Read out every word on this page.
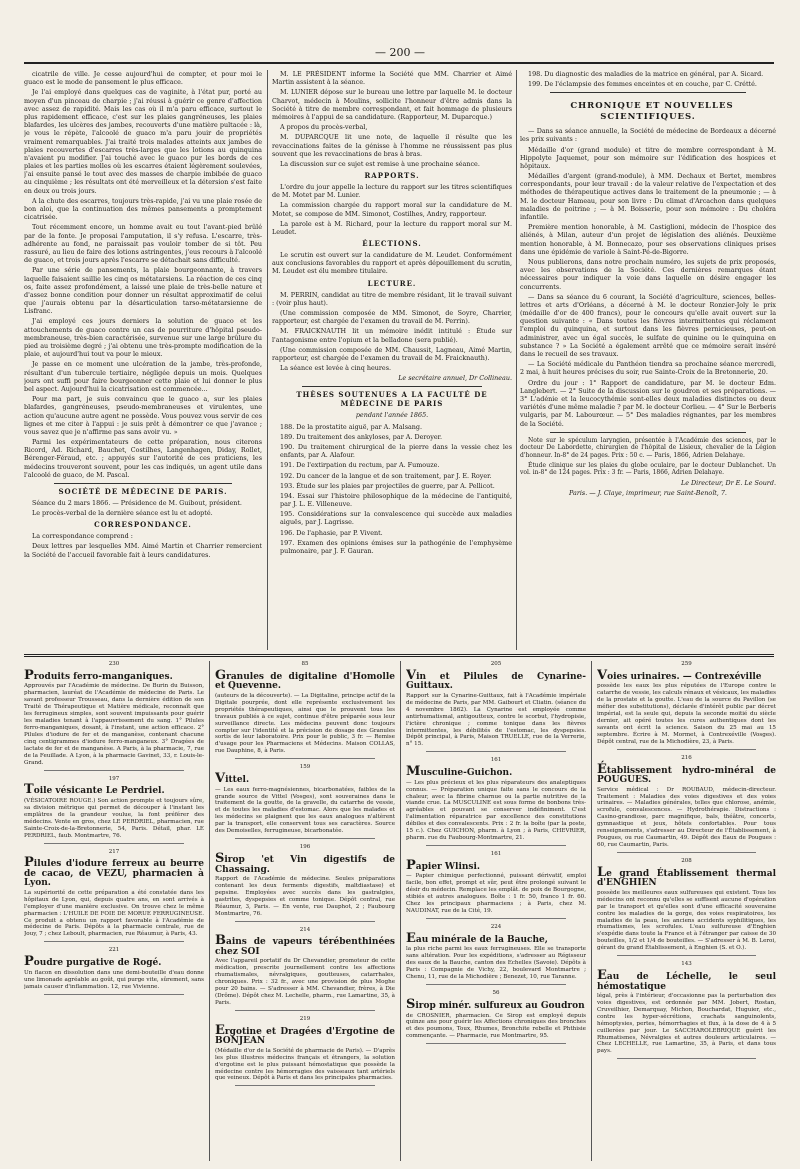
— 200 —

cicatrile de ville. Je cesse aujourd'hui de compter, et pour moi le guaco est le mode de pansement le plus efficace.

Je l'ai employé dans quelques cas de vaginite, à l'état pur, porté au moyen d'un pinceau de charpie ; j'ai réussi à guérir ce genre d'affection avec assez de rapidité. Mais les cas où il m'a paru efficace, surtout le plus rapidement efficace, c'est sur les plaies gangréneuses, les plaies blafardes, les ulcères des jambes, recouverts d'une matière pultacée : là, je vous le répète, l'alcoolé de guaco m'a paru jouir de propriétés vraiment remarquables. J'ai traité trois malades atteints aux jambes de plaies recouvertes d'escarres très-larges que les lotions au quinquina n'avaient pu modifier. J'ai touché avec le guaco pur les bords de ces plaies et les parties molles où les escarres étaient légèrement soulevées, j'ai ensuite pansé le tout avec des masses de charpie imbibée de guaco au cinquième ; les résultats ont été merveilleux et la détersion s'est faite en deux ou trois jours.

A la chute des escarres, toujours très-rapide, j'ai vu une plaie rosée de bon aloi, que la continuation des mêmes pansements a promptement cicatrisée.

Tout récemment encore, un homme avait eu tout l'avant-pied brûlé par de la fonte. Je proposai l'amputation, il s'y refusa. L'escarre, très-adhérente au fond, ne paraissait pas vouloir tomber de si tôt. Peu rassuré, au lieu de faire des lotions astringentes, j'eus recours à l'alcoolé de guaco, et trois jours après l'escarre se détachait sans difficulté.

Par une série de pansements, la plaie bourgeonnante, à travers laquelle faisaient saillie les cinq os métatarsiens. La réaction de ces cinq os, faite assez profondément, a laissé une plaie de très-belle nature et d'assez bonne condition pour donner un résultat approximatif de celui que j'aurais obtenu par la désarticulation tarso-métatarsienne de Lisfranc.

J'ai employé ces jours derniers la solution de guaco et les attouchements de guaco contre un cas de pourriture d'hôpital pseudo-membraneuse, très-bien caractérisée, survenue sur une large brûlure du pied au troisième degré ; j'ai obtenu une très-prompte modification de la plaie, et aujourd'hui tout va pour le mieux.

Je passe en ce moment une ulcération de la jambe, très-profonde, résultant d'un tubercule tertiaire, négligée depuis un mois. Quelques jours ont suffi pour faire bourgeonner cette plaie et lui donner le plus bel aspect. Aujourd'hui la cicatrisation est commencée...

Pour ma part, je suis convaincu que le guaco a, sur les plaies blafardes, gangréneuses, pseudo-membraneuses et virulentes, une action qu'aucune autre agent ne possède. Vous pouvez vous servir de ces lignes et me citer à l'appui : je suis prêt à démontrer ce que j'avance ; vous savez que je n'affirme pas sans avoir vu. »

Parmi les expérimentateurs de cette préparation, nous citerons Ricord, Ad. Richard, Bauchet, Costilhes, Langenhagen, Diday, Rollet, Bérenger-Féraud, etc. ; appuyés sur l'autorité de ces praticiens, les médecins trouveront souvent, pour les cas indiqués, un agent utile dans l'alcoolé de guaco, de M. Pascal.

SOCIÉTÉ DE MÉDECINE DE PARIS.

Séance du 2 mars 1866. — Présidence de M. Guibout, président.

Le procès-verbal de la dernière séance est lu et adopté.

CORRESPONDANCE.

La correspondance comprend :

Deux lettres par lesquelles MM. Aimé Martin et Charrier remercient la Société de l'accueil favorable fait à leurs candidatures.

M. LE PRÉSIDENT informe la Société que MM. Charrier et Aimé Martin assistent à la séance.

M. LUNIER dépose sur le bureau une lettre par laquelle M. le docteur Charvot, médecin à Moulins, sollicite l'honneur d'être admis dans la Société à titre de membre correspondant, et fait hommage de plusieurs mémoires à l'appui de sa candidature. (Rapporteur, M. Duparcque.)

A propos du procès-verbal,

M. DUPARCQUE lit une note, de laquelle il résulte que les revaccinations faites de la génisse à l'homme ne réussissent pas plus souvent que les revaccinations de bras à bras.

La discussion sur ce sujet est remise à une prochaine séance.

RAPPORTS.

L'ordre du jour appelle la lecture du rapport sur les titres scientifiques de M. Motet par M. Lunier.

La commission chargée du rapport moral sur la candidature de M. Motet, se compose de MM. Simonot, Costilhes, Andry, rapporteur.

La parole est à M. Richard, pour la lecture du rapport moral sur M. Leudet.

ÉLECTIONS.

Le scrutin est ouvert sur la candidature de M. Leudet. Conformément aux conclusions favorables du rapport et après dépouillement du scrutin, M. Leudet est élu membre titulaire.

LECTURE.

M. PERRIN, candidat au titre de membre résidant, lit le travail suivant : (voir plus haut).

(Une commission composée de MM. Simonot, de Soyre, Charrier, rapporteur, est chargée de l'examen du travail de M. Perrin).

M. FRAICKNAUTH lit un mémoire inédit intitulé : Étude sur l'antagonisme entre l'opium et la belladone (sera publié).

(Une commission composée de MM. Chaussit, Lagneau, Aimé Martin, rapporteur, est chargée de l'examen du travail de M. Fraicknauth).

La séance est levée à cinq heures.

Le secrétaire annuel, Dr Collineau.

THÈSES SOUTENUES A LA FACULTÉ DE MÉDECINE DE PARIS

pendant l'année 1865.

188. De la prostatite aiguë, par A. Malsang.

189. Du traitement des ankyloses, par A. Deroyer.

190. Du traitement chirurgical de la pierre dans la vessie chez les enfants, par A. Alafour.

191. De l'extirpation du rectum, par A. Fumouze.

192. Du cancer de la langue et de son traitement, par J. E. Royer.

193. Étude sur les plaies par projectiles de guerre, par A. Pellicot.

194. Essai sur l'histoire philosophique de la médecine de l'antiquité, par J. L. E. Villeneuve.

195. Considérations sur la convalescence qui succède aux maladies aiguës, par J. Lagrisse.

196. De l'aphasie, par P. Vivent.

197. Examen des opinions émises sur la pathogénie de l'emphysème pulmonaire, par J. F. Gauran.

198. Du diagnostic des maladies de la matrice en général, par A. Sicard.

199. De l'éclampsie des femmes enceintes et en couche, par C. Crétté.

CHRONIQUE ET NOUVELLES SCIENTIFIQUES.

— Dans sa séance annuelle, la Société de médecine de Bordeaux a décerné les prix suivants :

Médaille d'or (grand module) et titre de membre correspondant à M. Hippolyte Jaquemet, pour son mémoire sur l'édification des hospices et hôpitaux.

Médailles d'argent (grand-module), à MM. Dechaux et Bertet, membres correspondants, pour leur travail : de la valeur relative de l'expectation et des méthodes de thérapeutique actives dans le traitement de la pneumonie ; — à M. le docteur Hameau, pour son livre : Du climat d'Arcachon dans quelques maladies de poitrine ; — à M. Boisserie, pour son mémoire : Du choléra infantile.

Première mention honorable, à M. Castiglioni, médecin de l'hospice des aliénés, à Milan, auteur d'un projet de législation des aliénés. Deuxième mention honorable, à M. Bonnecazo, pour ses observations cliniques prises dans une épidémie de variole à Saint-Pé-de-Bigorre.

Nous publierons, dans notre prochain numéro, les sujets de prix proposés, avec les observations de la Société. Ces dernières remarques étant nécessaires pour indiquer la voie dans laquelle on désire engager les concurrents.

— Dans sa séance du 6 courant, la Société d'agriculture, sciences, belles-lettres et arts d'Orléans, a décerné à M. le docteur Ronzier-Joly le prix (médaille d'or de 400 francs), pour le concours qu'elle avait ouvert sur la question suivante : « Dans toutes les fièvres intermittentes qui réclament l'emploi du quinquina, et surtout dans les fièvres pernicieuses, peut-on administrer, avec un égal succès, le sulfate de quinine ou le quinquina en substance ? » La Société a également arrêté que ce mémoire serait inséré dans le recueil de ses travaux.

— La Société médicale du Panthéon tiendra sa prochaine séance mercredi, 2 mai, à huit heures précises du soir, rue Sainte-Croix de la Bretonnerie, 20.

Ordre du jour : 1° Rapport de candidature, par M. le docteur Edm. Langlebert. — 2° Suite de la discussion sur le goudron et ses préparations. — 3° L'adénie et la leucocythémie sont-elles deux maladies distinctes ou deux variétés d'une même maladie ? par M. le docteur Corlieu. — 4° Sur le Berberis vulgaris, par M. Labourœur. — 5° Des maladies régnantes, par les membres de la Société.

Note sur le spéculum laryngien, présentée à l'Académie des sciences, par le docteur De Labordette, chirurgien de l'hôpital de Lisieux, chevalier de la Légion d'honneur. In-8° de 24 pages. Prix : 50 c. — Paris, 1866, Adrien Delahaye.

Étude clinique sur les plaies du globe oculaire, par le docteur Dublanchet. Un vol. in-8° de 124 pages. Prix : 3 fr. — Paris, 1866, Adrien Delahaye.

Le Directeur, Dr E. Le Sourd.

Paris. — J. Claye, imprimeur, rue Saint-Benoît, 7.

230
Produits ferro-manganiques.

Approuvés par l'Académie de médecine. De Burin du Buisson, pharmacien, lauréat de l'Académie de médecine de Paris. Le savant professeur Trousseau, dans la dernière édition de son Traité de Thérapeutique et Matière médicale, reconnaît que les ferrugineux simples, sont souvent impuissants pour guérir les maladies tenant à l'appauvrissement du sang. 1° Pilules ferro-manganiques, dosant, à l'instant, une action efficace. 2° Pilules d'iodure de fer et de manganèse, contenant chacune cinq centigrammes d'iodure ferro-manganeux. 3° Dragées de lactate de fer et de manganèse. A Paris, à la pharmacie, 7, rue de la Feuillade. A Lyon, à la pharmacie Gavinet, 33, r. Louis-le-Grand.

197
Toile vésicante Le Perdriel.

(VÉSICATOIRE ROUGE.) Son action prompte et toujours sûre, sa division métrique qui permet de découper à l'instant les emplâtres de la grandeur voulue, la font préférer des médecins. Vente en gros, chez LE PERDRIEL, pharmacien, rue Sainte-Croix-de-la-Bretonnerie, 54, Paris. Détail, phar. LE PERDRIEL, faub. Montmartre, 76.

217
Pilules d'iodure ferreux au beurre de cacao, de VEZU, pharmacien à Lyon.

La supériorité de cette préparation a été constatée dans les hôpitaux de Lyon, qui, depuis quatre ans, en sont arrivés à l'employer d'une manière exclusive. On trouve chez le même pharmacien : L'HUILE DE FOIE DE MORUE FERRUGINEUSE. Ce produit a obtenu un rapport favorable à l'Académie de médecine de Paris. Dépôts à la pharmacie centrale, rue de Jouy, 7 ; chez Leboult, pharmacien, rue Réaumur, à Paris, 43.

221
Poudre purgative de Rogé.

Un flacon en dissolution dans une demi-bouteille d'eau donne une limonade agréable au goût, qui purge vite, sûrement, sans jamais causer d'inflammation. 12, rue Vivienne.

85
Granules de digitaline d'Homolle et Quevenne.

(auteurs de la découverte). — La Digitaline, principe actif de la Digitale pourprée, dont elle représente exclusivement les propriétés thérapeutiques, ainsi que le prouvent tous les travaux publiés à ce sujet, continue d'être préparée sous leur surveillance directe. Les médecins peuvent donc toujours compter sur l'identité et la précision de dosage des Granules sortis de leur laboratoire. Prix pour le public, 3 fr. — Remise d'usage pour les Pharmaciens et Médecins. Maison COLLAS, rue Dauphine, 8, à Paris.

159
Vittel.

— Les eaux ferro-magnésiennes, bicarbonatées, faibles de la grande source de Vittel (Vosges), sont souveraines dans le traitement de la goutte, de la gravelle, du catarrhe de vessie, et de toutes les maladies d'estomac. Alors que les malades et les médecins se plaignent que les eaux analogues n'altèrent par la transport, elle conservent tous ses caractères. Source des Demoiselles, ferrugineuse, bicarbonatée.

196
Sirop 'et Vin digestifs de Chassaing.

Rapport de l'Académie de médecine. Seules préparations contenant les deux ferments digestifs, maltdiastase) et pepsine. Employées avec succès dans les gastralgies, gastrites, dyspepsies et comme tonique. Dépôt central, rue Réaumur, 3, Paris. — En vente, rue Dauphot, 2 ; Faubourg Montmartre, 76.

214
Bains de vapeurs térébenthinées chez SOI

Avec l'appareil portatif du Dr Chevandier, promoteur de cette médication, prescrite journellement contre les affections rhumatismales, névralgiques, goutteuses, catarrhales, chroniques. Prix : 32 fr., avec une provision de plus Moghe pour 20 bains. — S'adresser à MM. Chevandier, frères, à Die (Drôme). Dépôt chez M. Lechelle, pharm., rue Lamartine, 35, à Paris.

219
Ergotine et Dragées d'Ergotine de BONJEAN

(Médaille d'or de la Société de pharmacie de Paris). — D'après les plus illustres médecins français et étrangers, la solution d'ergotine est le plus puissant hémostatique que possède la médecine contre les hémorragies des vaisseaux tant artériels que veineux. Dépôt à Paris et dans les principales pharmacies.

205
Vin et Pilules de Cynarine-Guittaux.

Rapport sur la Cynarine-Guittaux, fait à l'Académie impériale de médecine de Paris, par MM. Gaibourt et Cliatin. (séance du 4 novembre 1862). La Cynarine est employée comme antirhumatismal, antigoutteux, contre le scorbut, l'hydropisie, l'ictère chronique ; comme tonique dans les fièvres intermittentes, les débilités de l'estomac, les dyspepsies. Dépôt principal, à Paris, Maison TRUELLE, rue de la Verrerie, n° 15.

161
Musculine-Guichon.

— Les plus précieux et les plus réparateurs des analeptiques connus. — Préparation unique faite sans le concours de la chaleur, avec la fibrine charnue ou la partie nutritive de la viande crue. La MUSCULINE est sous forme de bonbons très-agréables et pouvant se conserver indéfiniment. C'est l'alimentation réparatrice par excellence des constitutions débiles et des convalescents. Prix : 2 fr. la boîte (par la poste, 15 c.). Chez GUICHON, pharm. à Lyon ; à Paris, CHEVRIER, pharm. rue du Faubourg-Montmartre, 21.

161
Papier Wlinsi.

— Papier chimique perfectionné, puissant dérivatif, emploi facile, bon effet, prompt et sûr, peut être prolongé suivant le désir du médecin. Remplace les emplât. de poix de Bourgogne, stibiés et autres analogues. Boîte : 1 fr. 50, franco 1 fr. 60. Chez les principaux pharmaciens ; à Paris, chez M. NAUDINAT, rue de la Cité, 19.

224
Eau minérale de la Bauche,

la plus riche parmi les eaux ferrugineuses. Elle se transporte sans altération. Pour les expéditions, s'adresser au Régisseur des eaux de la Bauche, canton des Echelles (Savoie). Dépôts à Paris : Compagnie de Vichy, 22, boulevard Montmartre ; Chenu, 11, rue de la Michodière ; Benezet, 10, rue Taranne.

56
Sirop minér. sulfureux au Goudron

de CROSNIER, pharmacien. Ce Sirop est employé depuis quinze ans pour guérir les Affections chroniques des bronches et des poumons, Toux, Rhumes, Bronchite rebelle et Phthisie commençante. — Pharmacie, rue Montmartre, 95.

259
Voies urinaires. — Contrexéville

possède les eaux les plus réputées de l'Europe contre le catarrhe de vessie, les calculs rénaux et vésicaux, les maladies de la prostate et la goutte. L'eau de la source du Pavillon (se méfier des substitutions), déclarée d'intérêt public par décret impérial, est la seule qui, depuis la seconde moitié du siècle dernier, ait opéré toutes les cures authentiques dont les savants ont écrit la science. Saison du 25 mai au 15 septembre. Écrire à M. Mormet, à Contrexéville (Vosges). Dépôt central, rue de la Michodière, 23, à Paris.

216
Établissement hydro-minéral de POUGUES.

Service médical : Dr ROUBAUD, médecin-directeur. Traitement : Maladies des voies digestives et des voies urinaires. — Maladies générales, telles que chlorose, anémie, scrofule, convalescences. — Hydrothérapie. Distractions : Casino-grandiose, parc magnifique, bals, théâtre, concerts, gymnastique et jeux, hôtels confortables. Pour tous renseignements, s'adresser au Directeur de l'Établissement, à Pougues, ou rue Caumartin, 49. Dépôt des Eaux de Pougues : 60, rue Caumartin, Paris.

208
Le grand Établissement thermal d'ENGHIEN

possède les meilleures eaux sulfureuses qui existent. Tous les médecins ont reconnu qu'elles se suffisent aucune d'opération par le transport et qu'elles sont d'une efficacité souveraine contre les maladies de la gorge, des voies respiratoires, les maladies de la peau, les anciens accidents syphilitiques, les rhumatismes, les scrofules. L'eau sulfureuse d'Enghien s'expédie dans toute la France et à l'étranger par caisse de 30 bouteilles, 1/2 et 1/4 de bouteilles. — S'adresser à M. B. Leroi, gérant du grand Établissement, à Enghien (S. et O.).

143
Eau de Léchelle, le seul hémostatique

légal, près à l'intérieur, d'occasionne pas la perturbation des voies digestives, est ordonnée par MM. Jobert, Rostan, Cruveilhier, Demarquay, Michon, Bouchardat, Huguier, etc., contre les hyper-sécrétions, crachats sanguinolents, hémoptysies, pertes, hémorrhagies et flux, à la dose de 4 à 5 cuillerées par jour. Le SACCHAROLEBRIQUE guérit les Rhumatismes, Névralgies et autres douleurs articulaires. — Chez LECHELLE, rue Lamartine, 35, à Paris, et dans tous pays.
